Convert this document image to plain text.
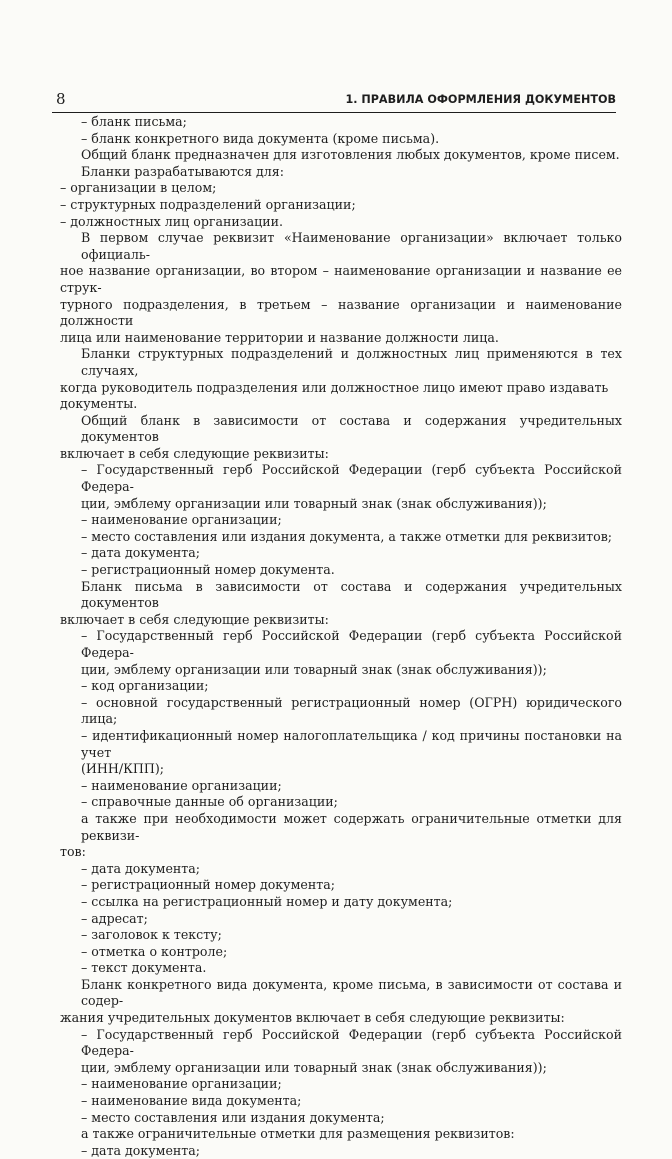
8	1. ПРАВИЛА ОФОРМЛЕНИЯ ДОКУМЕНТОВ

– бланк письма;

– бланк конкретного вида документа (кроме письма).

Общий бланк предназначен для изготовления любых документов, кроме писем.

Бланки разрабатываются для:

– организации в целом;

– структурных подразделений организации;

– должностных лиц организации.

В первом случае реквизит «Наименование организации» включает только официаль-

ное название организации, во втором – наименование организации и название ее струк-

турного подразделения, в третьем – название организации и наименование должности

лица или наименование территории и название должности лица.

Бланки структурных подразделений и должностных лиц применяются в тех случаях,

когда руководитель подразделения или должностное лицо имеют право издавать

документы.

Общий бланк в зависимости от состава и содержания учредительных документов

включает в себя следующие реквизиты:

– Государственный герб Российской Федерации (герб субъекта Российской Федера-

ции, эмблему организации или товарный знак (знак обслуживания));

– наименование организации;

– место составления или издания документа, а также отметки для реквизитов;

– дата документа;

– регистрационный номер документа.

Бланк письма в зависимости от состава и содержания учредительных документов

включает в себя следующие реквизиты:

– Государственный герб Российской Федерации (герб субъекта Российской Федера-

ции, эмблему организации или товарный знак (знак обслуживания));

– код организации;

– основной государственный регистрационный номер (ОГРН) юридического лица;

– идентификационный номер налогоплательщика / код причины постановки на учет

(ИНН/КПП);

– наименование организации;

– справочные данные об организации;

а также при необходимости может содержать ограничительные отметки для реквизи-

тов:

– дата документа;

– регистрационный номер документа;

– ссылка на регистрационный номер и дату документа;

– адресат;

– заголовок к тексту;

– отметка о контроле;

– текст документа.

Бланк конкретного вида документа, кроме письма, в зависимости от состава и содер-

жания учредительных документов включает в себя следующие реквизиты:

– Государственный герб Российской Федерации (герб субъекта Российской Федера-

ции, эмблему организации или товарный знак (знак обслуживания));

– наименование организации;

– наименование вида документа;

– место составления или издания документа;

а также ограничительные отметки для размещения реквизитов:

– дата документа;
